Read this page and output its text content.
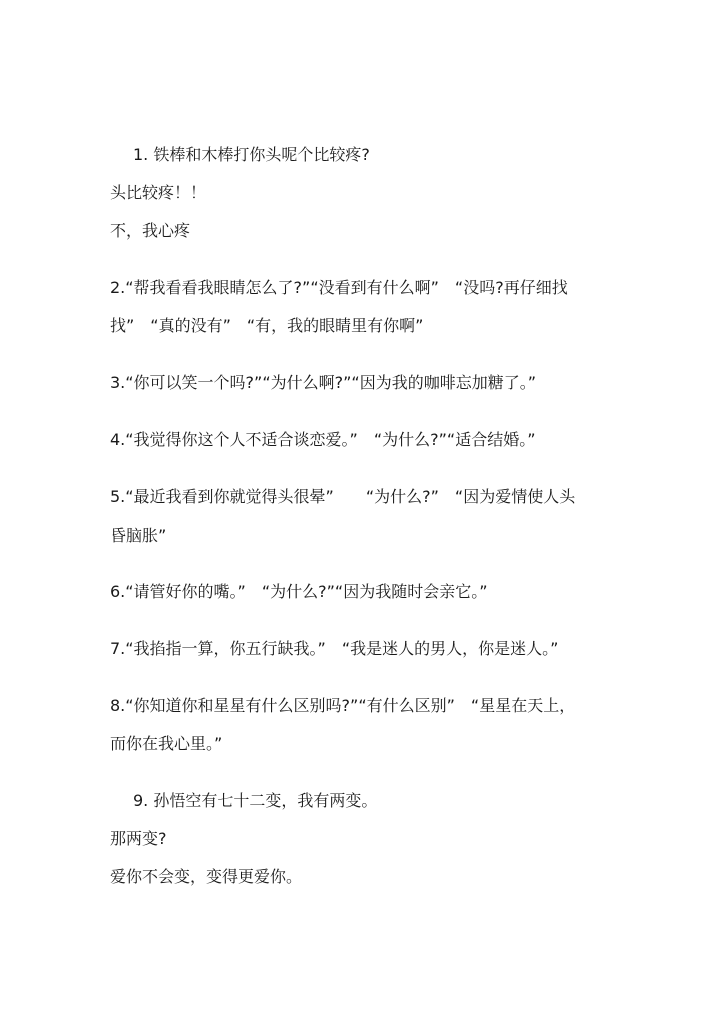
1. 铁棒和木棒打你头呢个比较疼?
头比较疼！！
不，我心疼
2.“帮我看看我眼睛怎么了?”“没看到有什么啊”　“没吗?再仔细找
找”　“真的没有”　“有，我的眼睛里有你啊”
3.“你可以笑一个吗?”“为什么啊?”“因为我的咖啡忘加糖了。”
4.“我觉得你这个人不适合谈恋爱。”　“为什么?”“适合结婚。”
5.“最近我看到你就觉得头很晕”　　“为什么?”　“因为爱情使人头
昏脑胀”
6.“请管好你的嘴。”　“为什么?”“因为我随时会亲它。”
7.“我掐指一算，你五行缺我。”　“我是迷人的男人，你是迷人。”
8.“你知道你和星星有什么区别吗?”“有什么区别”　“星星在天上，
而你在我心里。”
9. 孙悟空有七十二变，我有两变。
那两变?
爱你不会变，变得更爱你。
